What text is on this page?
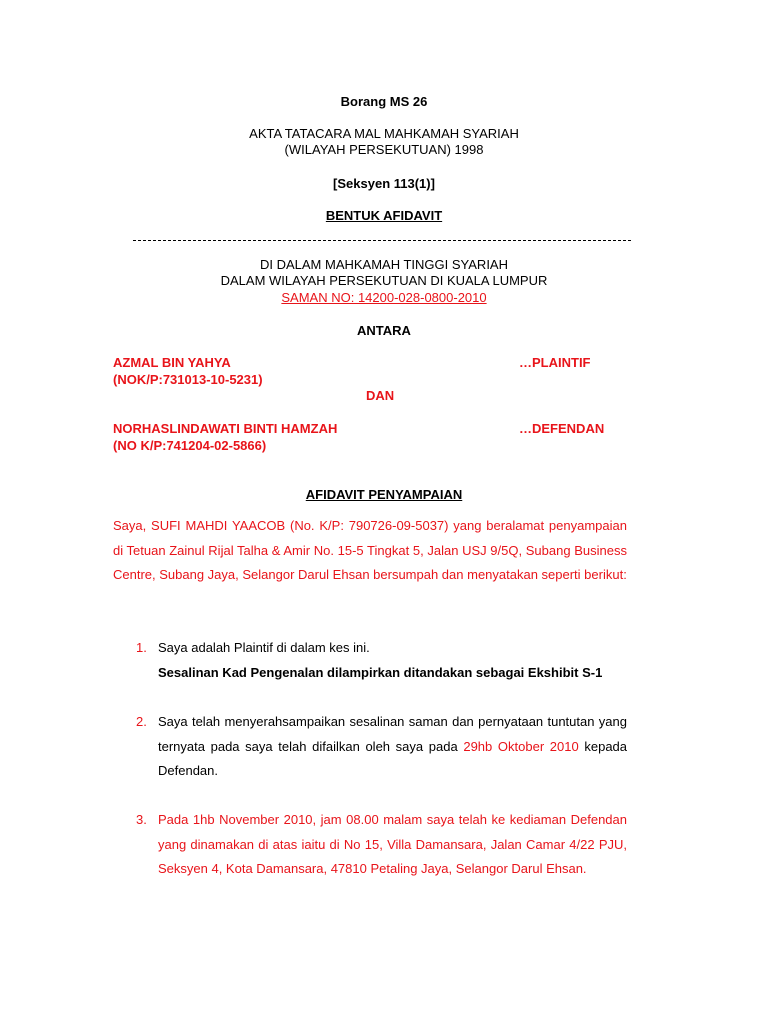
Borang MS 26
AKTA TATACARA MAL MAHKAMAH SYARIAH
(WILAYAH PERSEKUTUAN) 1998
[Seksyen 113(1)]
BENTUK AFIDAVIT
DI DALAM MAHKAMAH TINGGI SYARIAH
DALAM WILAYAH PERSEKUTUAN DI KUALA LUMPUR
SAMAN NO: 14200-028-0800-2010
ANTARA
AZMAL BIN YAHYA	…PLAINTIF
(NOK/P:731013-10-5231)
DAN
NORHASLINDAWATI BINTI HAMZAH	…DEFENDAN
(NO K/P:741204-02-5866)
AFIDAVIT PENYAMPAIAN
Saya, SUFI MAHDI YAACOB (No. K/P: 790726-09-5037) yang beralamat penyampaian di Tetuan Zainul Rijal Talha & Amir No. 15-5 Tingkat 5, Jalan USJ 9/5Q, Subang Business Centre, Subang Jaya, Selangor Darul Ehsan bersumpah dan menyatakan seperti berikut:
1. Saya adalah Plaintif di dalam kes ini.
Sesalinan Kad Pengenalan dilampirkan ditandakan sebagai Ekshibit S-1
2. Saya telah menyerahsampaikan sesalinan saman dan pernyataan tuntutan yang ternyata pada saya telah difailkan oleh saya pada 29hb Oktober 2010 kepada Defendan.
3. Pada 1hb November 2010, jam 08.00 malam saya telah ke kediaman Defendan yang dinamakan di atas iaitu di No 15, Villa Damansara, Jalan Camar 4/22 PJU, Seksyen 4, Kota Damansara, 47810 Petaling Jaya, Selangor Darul Ehsan.
